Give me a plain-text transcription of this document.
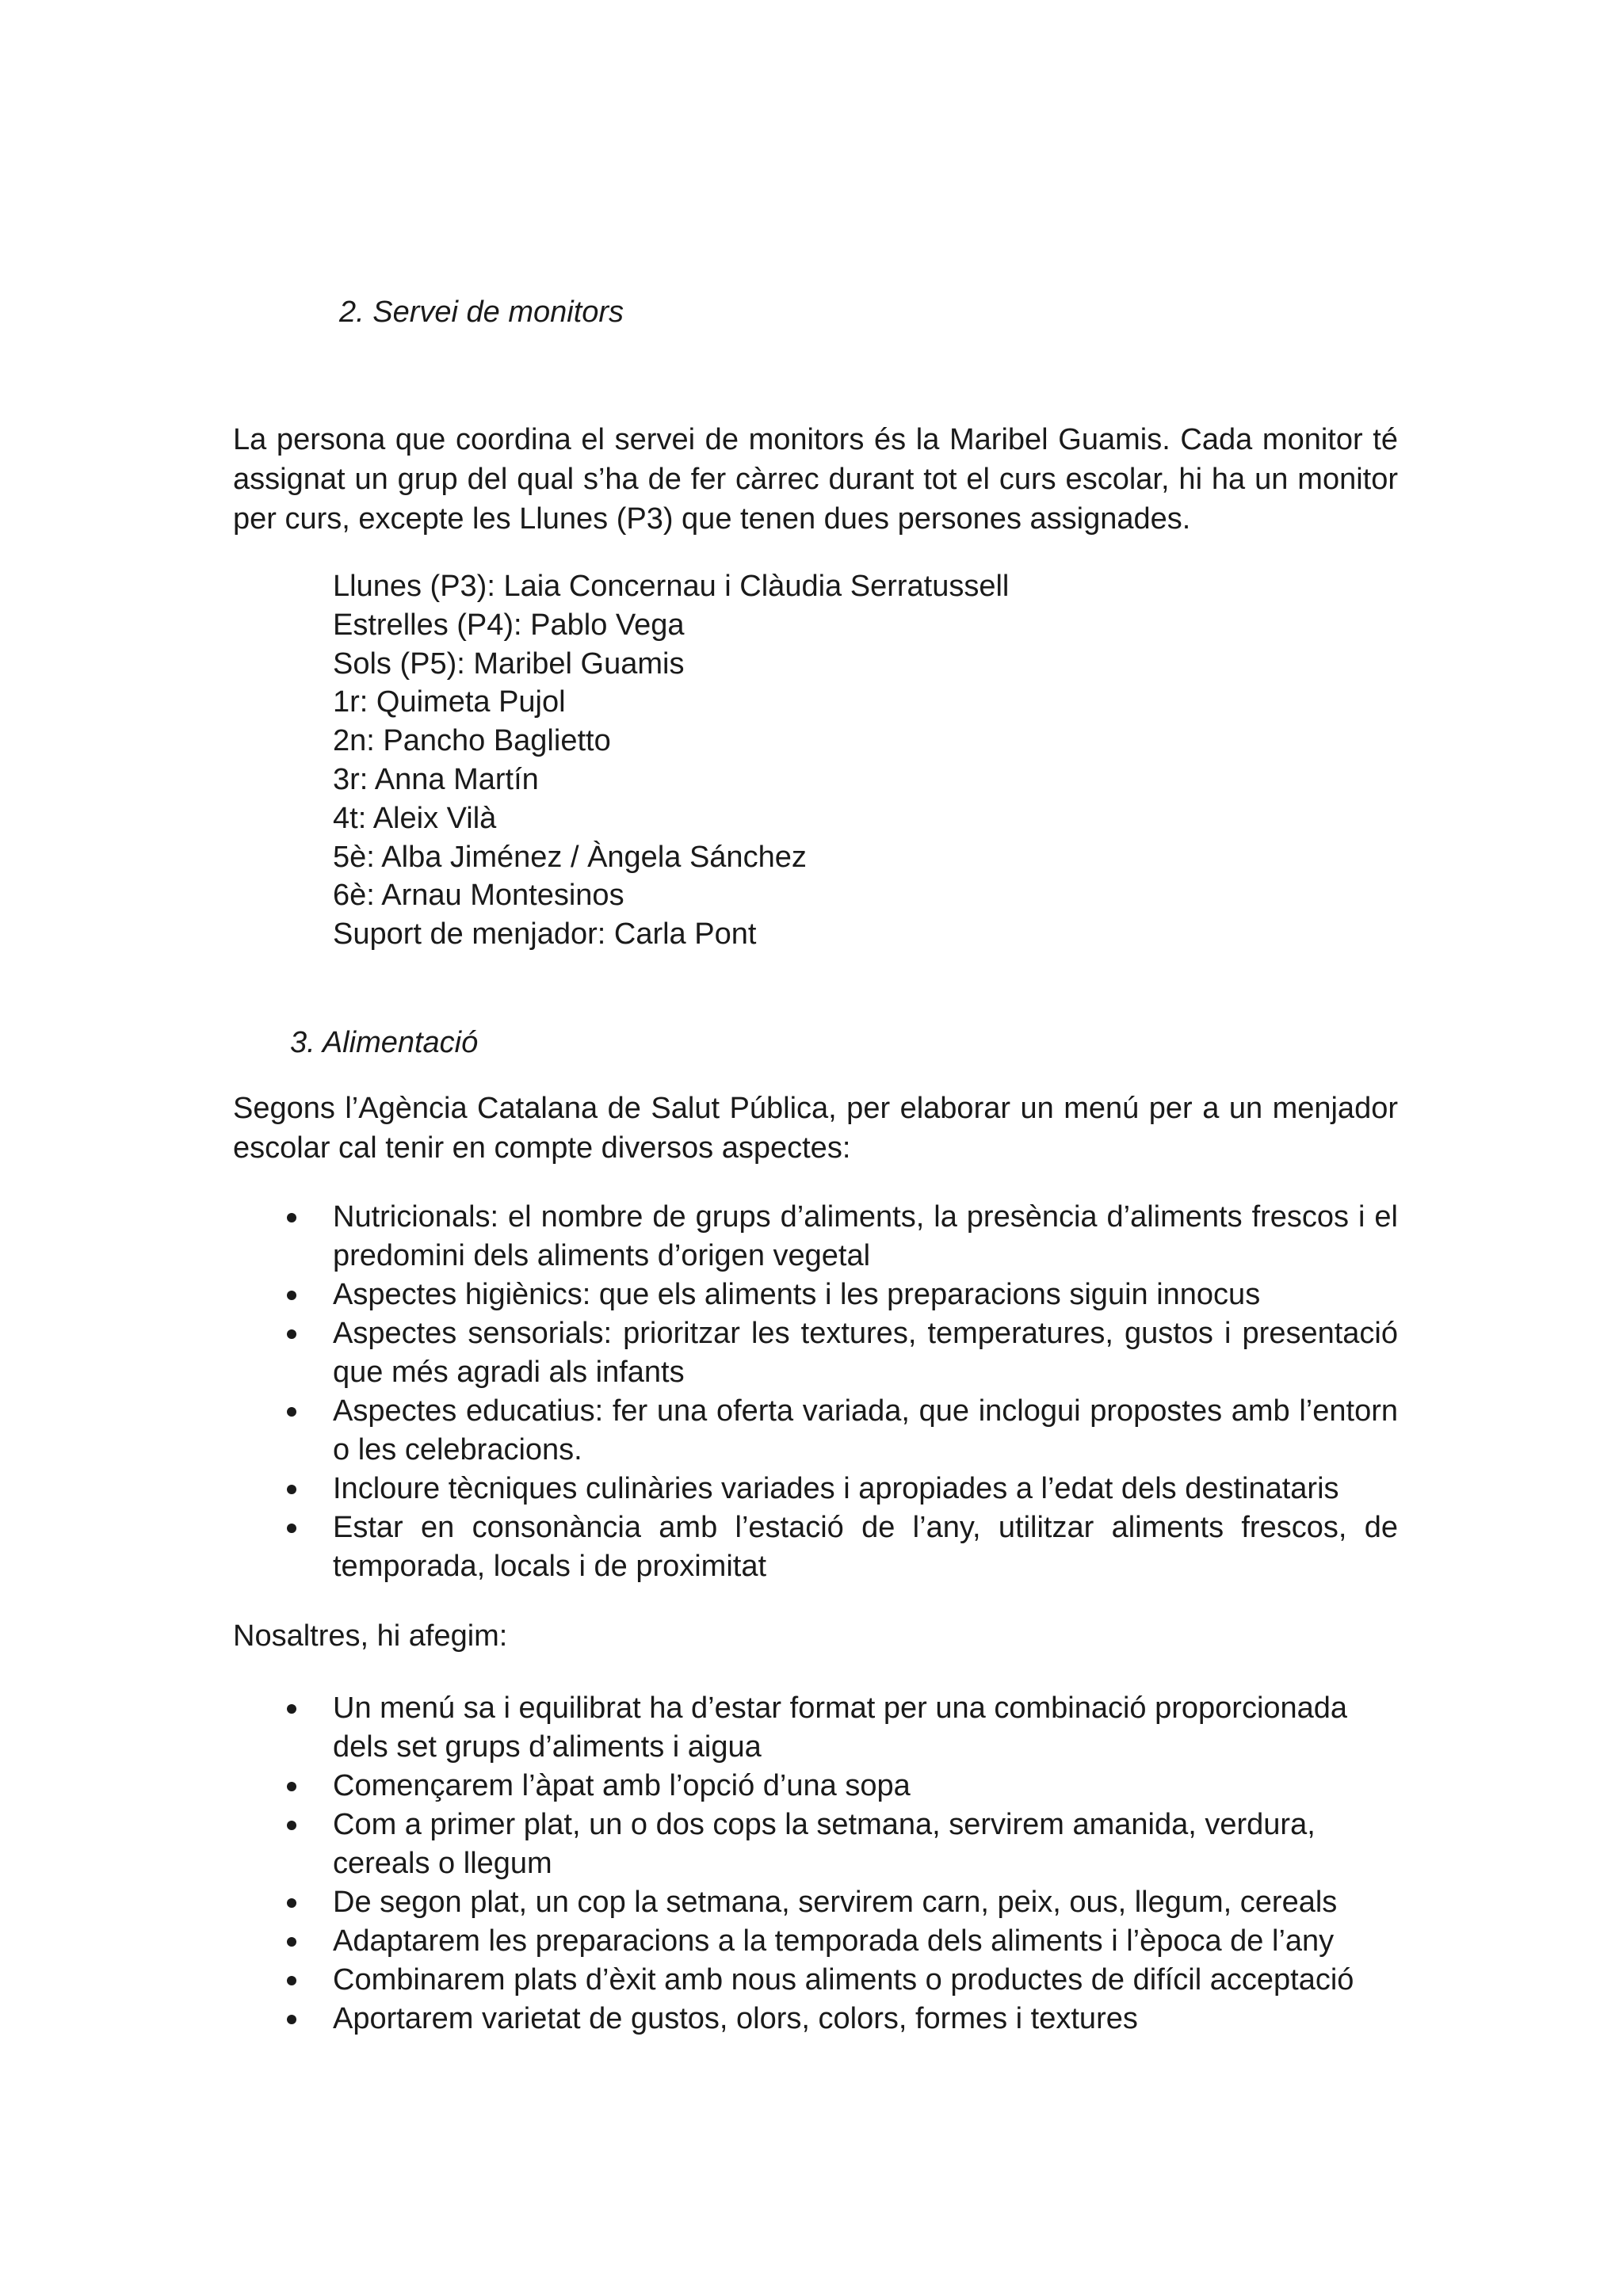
2. Servei de monitors

La persona que coordina el servei de monitors és la Maribel Guamis. Cada monitor té assignat un grup del qual s’ha de fer càrrec durant tot el curs escolar, hi ha un monitor per curs, excepte les Llunes (P3) que tenen dues persones assignades.

Llunes (P3): Laia Concernau i Clàudia Serratussell
Estrelles (P4): Pablo Vega
Sols (P5): Maribel Guamis
1r: Quimeta Pujol
2n: Pancho Baglietto
3r: Anna Martín
4t: Aleix Vilà
5è: Alba Jiménez / Àngela Sánchez
6è: Arnau Montesinos
Suport de menjador: Carla Pont
3. Alimentació

Segons l’Agència Catalana de Salut Pública, per elaborar un menú per a un menjador escolar cal tenir en compte diversos aspectes:

Nutricionals: el nombre de grups d’aliments, la presència d’aliments frescos i el predomini dels aliments d’origen vegetal
Aspectes higiènics: que els aliments i les preparacions siguin innocus
Aspectes sensorials: prioritzar les textures, temperatures, gustos i presentació que més agradi als infants
Aspectes educatius: fer una oferta variada, que inclogui propostes amb l’entorn o les celebracions.
Incloure tècniques culinàries variades i apropiades a l’edat dels destinataris
Estar en consonància amb l’estació de l’any, utilitzar aliments frescos, de temporada, locals i de proximitat

Nosaltres, hi afegim:

Un menú sa i equilibrat ha d’estar format per una combinació proporcionada dels set grups d’aliments i aigua
Començarem l’àpat amb l’opció d’una sopa
Com a primer plat, un o dos cops la setmana, servirem amanida, verdura, cereals o llegum
De segon plat, un cop la setmana, servirem carn, peix, ous, llegum, cereals
Adaptarem les preparacions a la temporada dels aliments i l’època de l’any
Combinarem plats d’èxit amb nous aliments o productes de difícil acceptació
Aportarem varietat de gustos, olors, colors, formes i textures
